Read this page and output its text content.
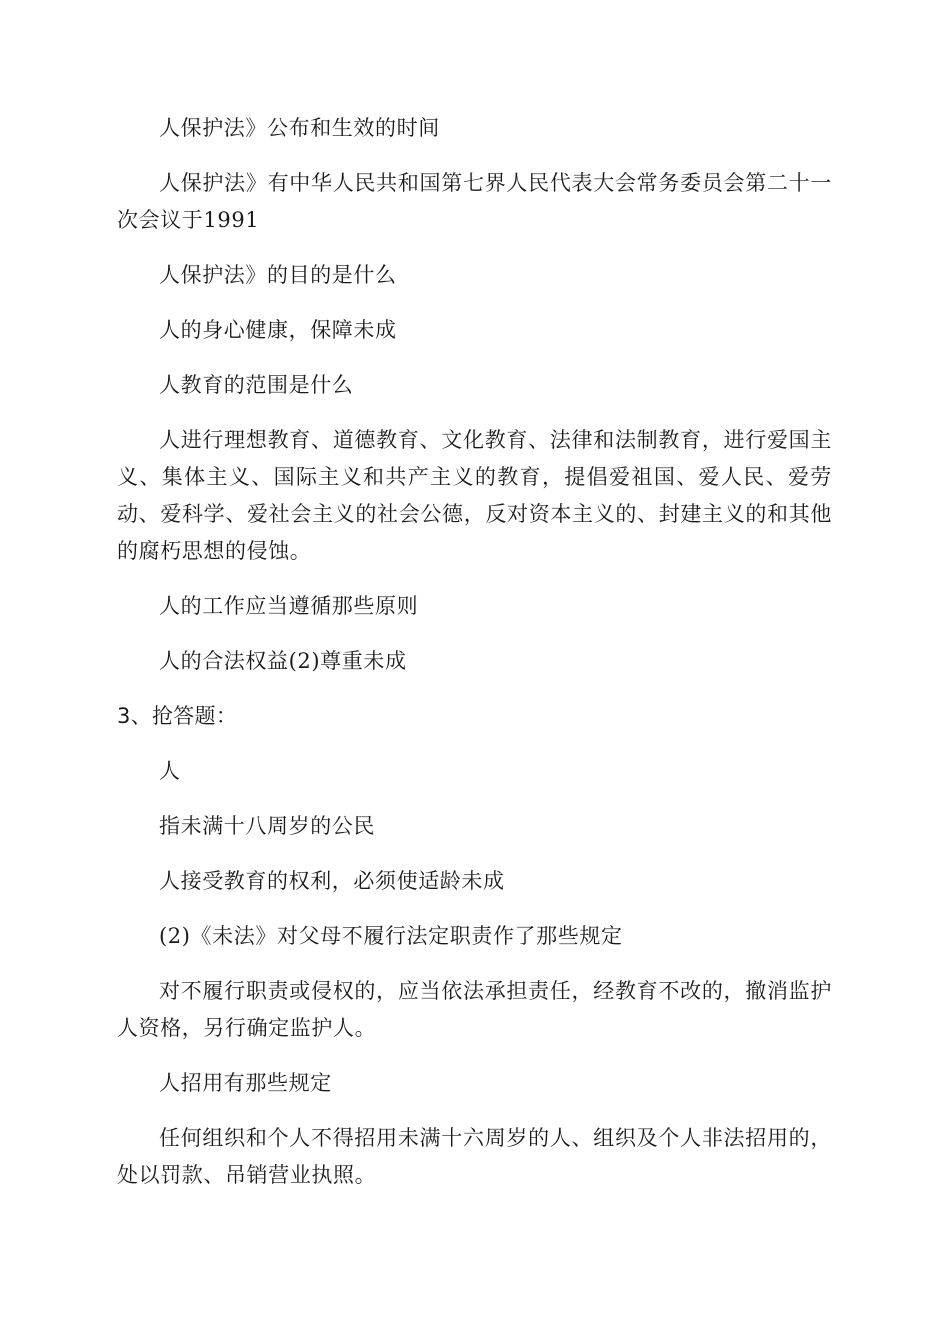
人保护法》公布和生效的时间

人保护法》有中华人民共和国第七界人民代表大会常务委员会第二十一次会议于1991

人保护法》的目的是什么

人的身心健康，保障未成

人教育的范围是什么

人进行理想教育、道德教育、文化教育、法律和法制教育，进行爱国主义、集体主义、国际主义和共产主义的教育，提倡爱祖国、爱人民、爱劳动、爱科学、爱社会主义的社会公德，反对资本主义的、封建主义的和其他的腐朽思想的侵蚀。

人的工作应当遵循那些原则

人的合法权益(2)尊重未成

3、抢答题：

人

指未满十八周岁的公民

人接受教育的权利，必须使适龄未成

(2)《未法》对父母不履行法定职责作了那些规定

对不履行职责或侵权的，应当依法承担责任，经教育不改的，撤消监护人资格，另行确定监护人。

人招用有那些规定

任何组织和个人不得招用未满十六周岁的人、组织及个人非法招用的，处以罚款、吊销营业执照。
